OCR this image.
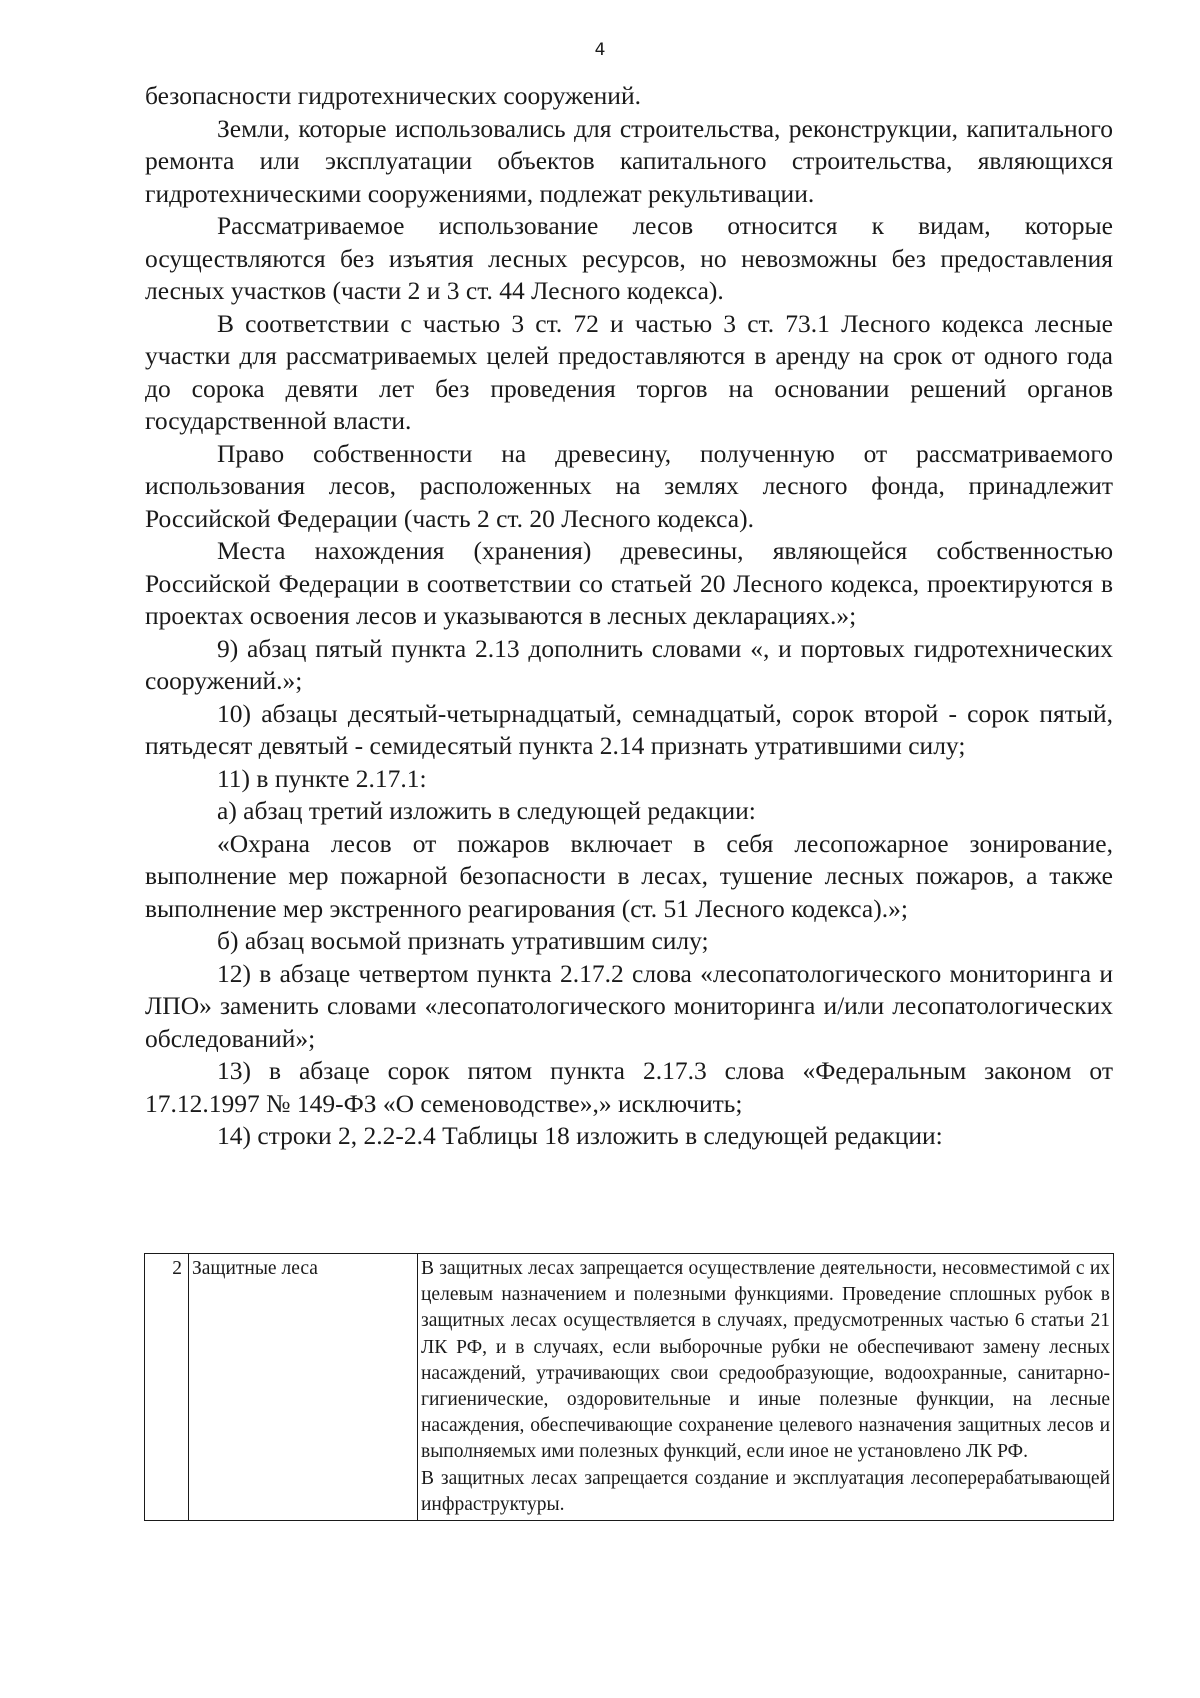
4

безопасности гидротехнических сооружений.

Земли, которые использовались для строительства, реконструкции, капитального ремонта или эксплуатации объектов капитального строительства, являющихся гидротехническими сооружениями, подлежат рекультивации.

Рассматриваемое использование лесов относится к видам, которые осуществляются без изъятия лесных ресурсов, но невозможны без предоставления лесных участков (части 2 и 3 ст. 44 Лесного кодекса).

В соответствии с частью 3 ст. 72 и частью 3 ст. 73.1 Лесного кодекса лесные участки для рассматриваемых целей предоставляются в аренду на срок от одного года до сорока девяти лет без проведения торгов на основании решений органов государственной власти.

Право собственности на древесину, полученную от рассматриваемого использования лесов, расположенных на землях лесного фонда, принадлежит Российской Федерации (часть 2 ст. 20 Лесного кодекса).

Места нахождения (хранения) древесины, являющейся собственностью Российской Федерации в соответствии со статьей 20 Лесного кодекса, проектируются в проектах освоения лесов и указываются в лесных декларациях.»;

9) абзац пятый пункта 2.13 дополнить словами «, и портовых гидротехнических сооружений.»;

10) абзацы десятый-четырнадцатый, семнадцатый, сорок второй - сорок пятый, пятьдесят девятый - семидесятый пункта 2.14 признать утратившими силу;

11) в пункте 2.17.1:

а) абзац третий изложить в следующей редакции:

«Охрана лесов от пожаров включает в себя лесопожарное зонирование, выполнение мер пожарной безопасности в лесах, тушение лесных пожаров, а также выполнение мер экстренного реагирования (ст. 51 Лесного кодекса).»;

б) абзац восьмой признать утратившим силу;

12) в абзаце четвертом пункта 2.17.2 слова «лесопатологического мониторинга и ЛПО» заменить словами «лесопатологического мониторинга и/или лесопатологических обследований»;

13) в абзаце сорок пятом пункта 2.17.3 слова «Федеральным законом от 17.12.1997 № 149-ФЗ «О семеноводстве»,» исключить;

14) строки 2, 2.2-2.4 Таблицы 18 изложить в следующей редакции:

2	Защитные леса	В защитных лесах запрещается осуществление деятельности, несовместимой с их целевым назначением и полезными функциями. Проведение сплошных рубок в защитных лесах осуществляется в случаях, предусмотренных частью 6 статьи 21 ЛК РФ, и в случаях, если выборочные рубки не обеспечивают замену лесных насаждений, утрачивающих свои средообразующие, водоохранные, санитарно-гигиенические, оздоровительные и иные полезные функции, на лесные насаждения, обеспечивающие сохранение целевого назначения защитных лесов и выполняемых ими полезных функций, если иное не установлено ЛК РФ.

В защитных лесах запрещается создание и эксплуатация лесоперерабатывающей инфраструктуры.
